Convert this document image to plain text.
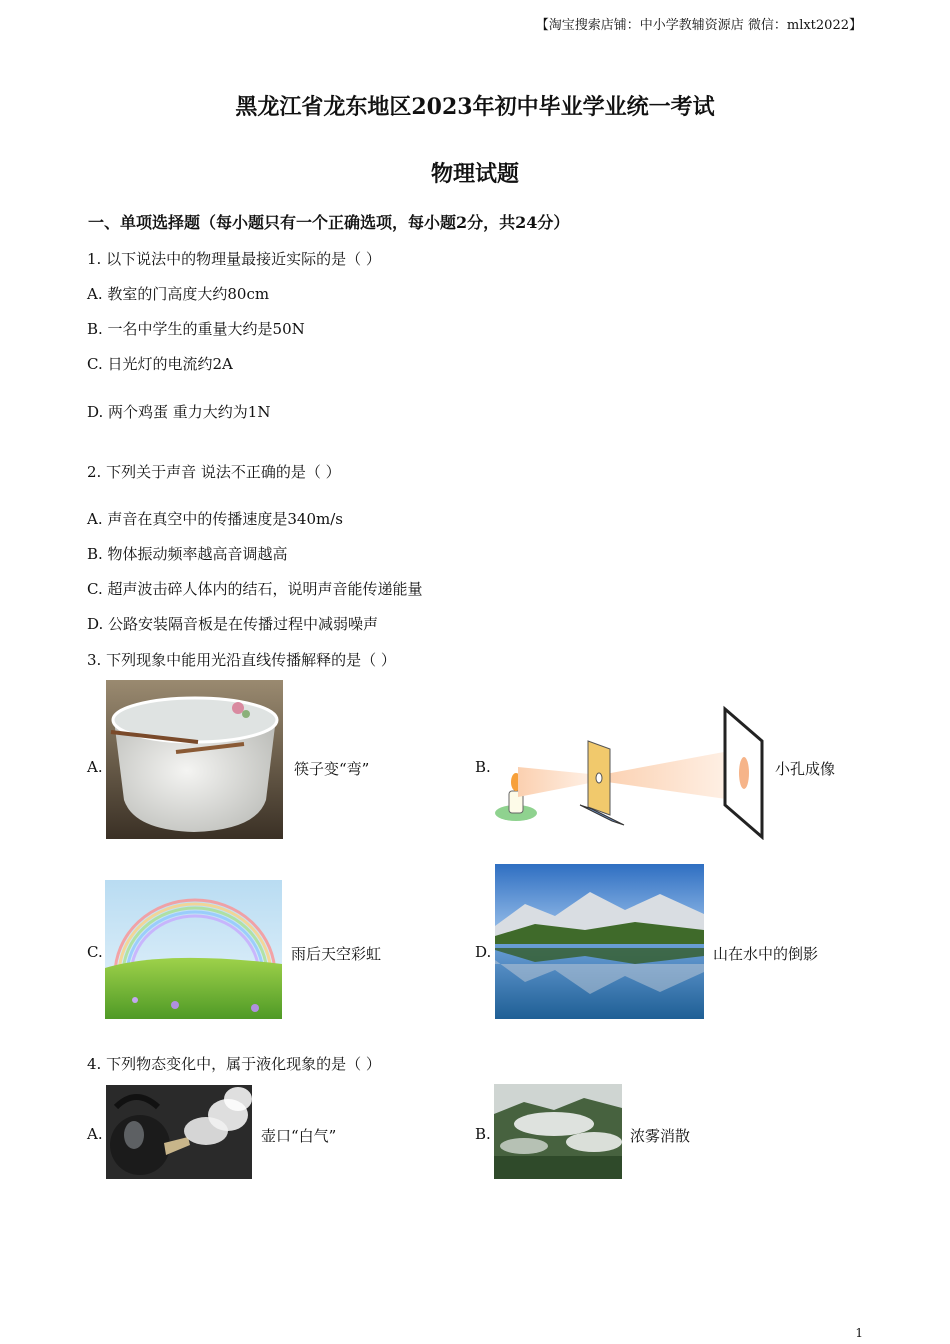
【淘宝搜索店铺：中小学教辅资源店 微信：mlxt2022】
黑龙江省龙东地区2023年初中毕业学业统一考试
物理试题
一、单项选择题（每小题只有一个正确选项，每小题2分，共24分）
1. 以下说法中的物理量最接近实际的是（ ）
A. 教室的门高度大约80cm
B. 一名中学生的重量大约是50N
C. 日光灯的电流约2A
D. 两个鸡蛋 重力大约为1N
2. 下列关于声音 说法不正确的是（ ）
A. 声音在真空中的传播速度是340m/s
B. 物体振动频率越高音调越高
C. 超声波击碎人体内的结石，说明声音能传递能量
D. 公路安装隔音板是在传播过程中减弱噪声
3. 下列现象中能用光沿直线传播解释的是（ ）
A.	筷子变“弯”	B.	小孔成像
C.	雨后天空彩虹	D.	山在水中的倒影
4. 下列物态变化中，属于液化现象的是（ ）
A.	壶口“白气”	B.	浓雾消散
1
